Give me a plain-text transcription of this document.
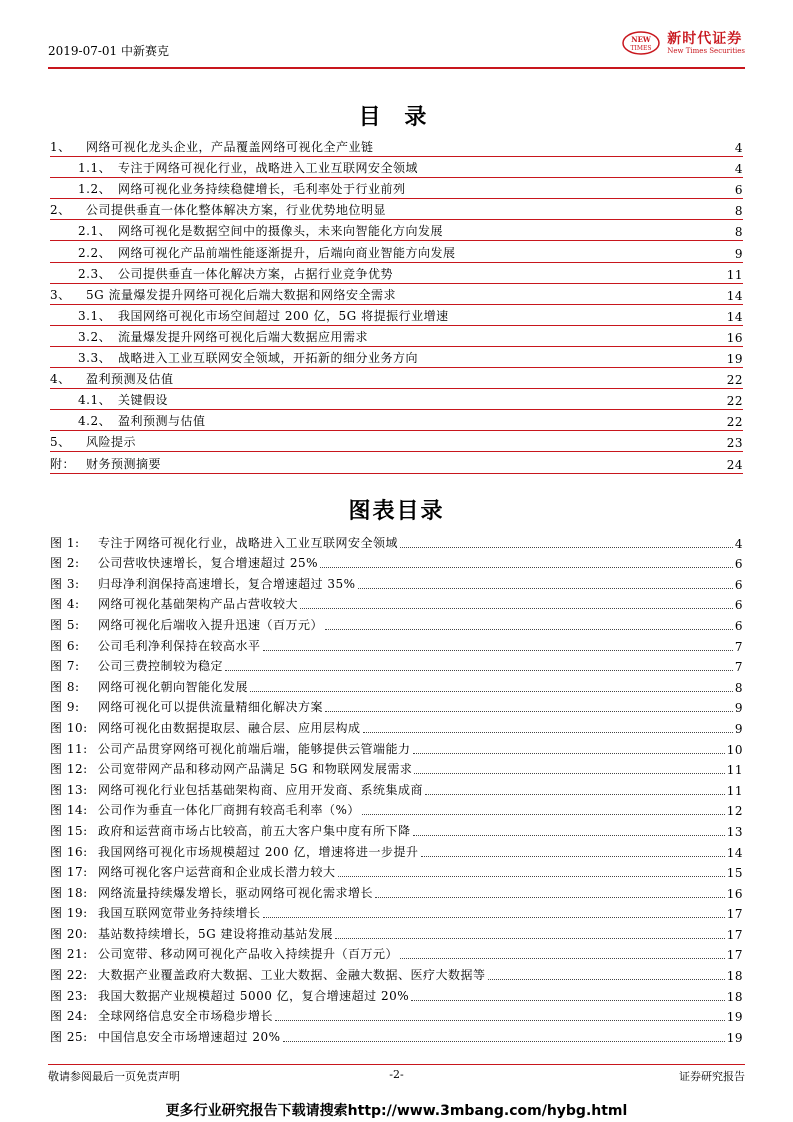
2019-07-01 中新赛克
NEW
TIMES
新时代证券
New Times Securities
目 录
1、	网络可视化龙头企业，产品覆盖网络可视化全产业链	4
1.1、 专注于网络可视化行业，战略进入工业互联网安全领域	4
1.2、 网络可视化业务持续稳健增长，毛利率处于行业前列	6
2、	公司提供垂直一体化整体解决方案，行业优势地位明显	8
2.1、 网络可视化是数据空间中的摄像头，未来向智能化方向发展	8
2.2、 网络可视化产品前端性能逐渐提升，后端向商业智能方向发展	9
2.3、 公司提供垂直一体化解决方案，占据行业竞争优势	11
3、	5G 流量爆发提升网络可视化后端大数据和网络安全需求	14
3.1、 我国网络可视化市场空间超过 200 亿，5G 将提振行业增速	14
3.2、 流量爆发提升网络可视化后端大数据应用需求	16
3.3、 战略进入工业互联网安全领域，开拓新的细分业务方向	19
4、	盈利预测及估值	22
4.1、 关键假设	22
4.2、 盈利预测与估值	22
5、	风险提示	23
附： 财务预测摘要	24
图表目录
图 1:	专注于网络可视化行业，战略进入工业互联网安全领域	4
图 2:	公司营收快速增长，复合增速超过 25%	6
图 3:	归母净利润保持高速增长，复合增速超过 35%	6
图 4:	网络可视化基础架构产品占营收较大	6
图 5:	网络可视化后端收入提升迅速（百万元）	6
图 6:	公司毛利净利保持在较高水平	7
图 7:	公司三费控制较为稳定	7
图 8:	网络可视化朝向智能化发展	8
图 9:	网络可视化可以提供流量精细化解决方案	9
图 10: 网络可视化由数据提取层、融合层、应用层构成	9
图 11: 公司产品贯穿网络可视化前端后端，能够提供云管端能力	10
图 12: 公司宽带网产品和移动网产品满足 5G 和物联网发展需求	11
图 13: 网络可视化行业包括基础架构商、应用开发商、系统集成商	11
图 14: 公司作为垂直一体化厂商拥有较高毛利率（%）	12
图 15: 政府和运营商市场占比较高，前五大客户集中度有所下降	13
图 16: 我国网络可视化市场规模超过 200 亿，增速将进一步提升	14
图 17: 网络可视化客户运营商和企业成长潜力较大	15
图 18: 网络流量持续爆发增长，驱动网络可视化需求增长	16
图 19: 我国互联网宽带业务持续增长	17
图 20: 基站数持续增长，5G 建设将推动基站发展	17
图 21: 公司宽带、移动网可视化产品收入持续提升（百万元）	17
图 22: 大数据产业覆盖政府大数据、工业大数据、金融大数据、医疗大数据等	18
图 23: 我国大数据产业规模超过 5000 亿，复合增速超过 20%	18
图 24: 全球网络信息安全市场稳步增长	19
图 25: 中国信息安全市场增速超过 20%	19
敬请参阅最后一页免责声明	-2-	证券研究报告
更多行业研究报告下载请搜索http://www.3mbang.com/hybg.html
